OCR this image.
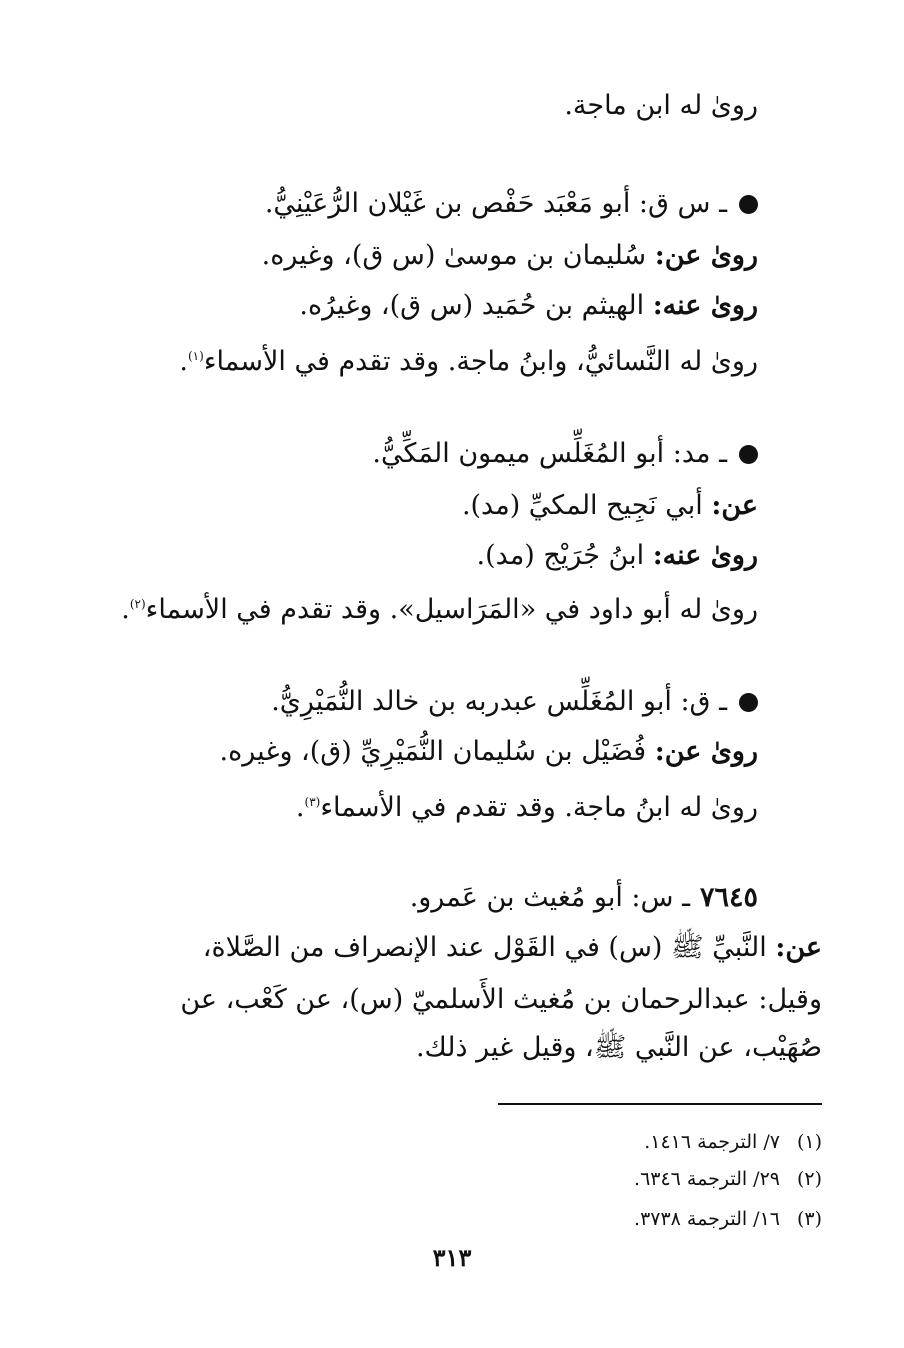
روىٰ له ابن ماجة.

ـ س ق: أبو مَعْبَد حَفْص بن غَيْلان الرُّعَيْنِيُّ.

روىٰ عن: سُليمان بن موسىٰ (س ق)، وغيره.

روىٰ عنه: الهيثم بن حُمَيد (س ق)، وغيرُه.

روىٰ له النَّسائيُّ، وابنُ ماجة. وقد تقدم في الأسماء$^{(١)}$.

ـ مد: أبو المُغَلِّس ميمون المَكِّيُّ.

عن: أبي نَجِيح المكيِّ (مد).

روىٰ عنه: ابنُ جُرَيْج (مد).

روىٰ له أبو داود في «المَرَاسيل». وقد تقدم في الأسماء$^{(٢)}$.

ـ ق: أبو المُغَلِّس عبدربه بن خالد النُّمَيْرِيُّ.

روىٰ عن: فُضَيْل بن سُليمان النُّمَيْرِيِّ (ق)، وغيره.

روىٰ له ابنُ ماجة. وقد تقدم في الأسماء$^{(٣)}$.

٧٦٤٥ـ س: أبو مُغيث بن عَمرو.

عن: النَّبيِّ ﷺ (س) في القَوْل عند الإنصراف من الصَّلاة،

وقيل: عبدالرحمان بن مُغيث الأَسلميّ (س)، عن كَعْب، عن

صُهَيْب، عن النَّبي ﷺ، وقيل غير ذلك.

(١)٧/ الترجمة ١٤١٦.
(٢)٢٩/ الترجمة ٦٣٤٦.
(٣)١٦/ الترجمة ٣٧٣٨.
٣١٣
